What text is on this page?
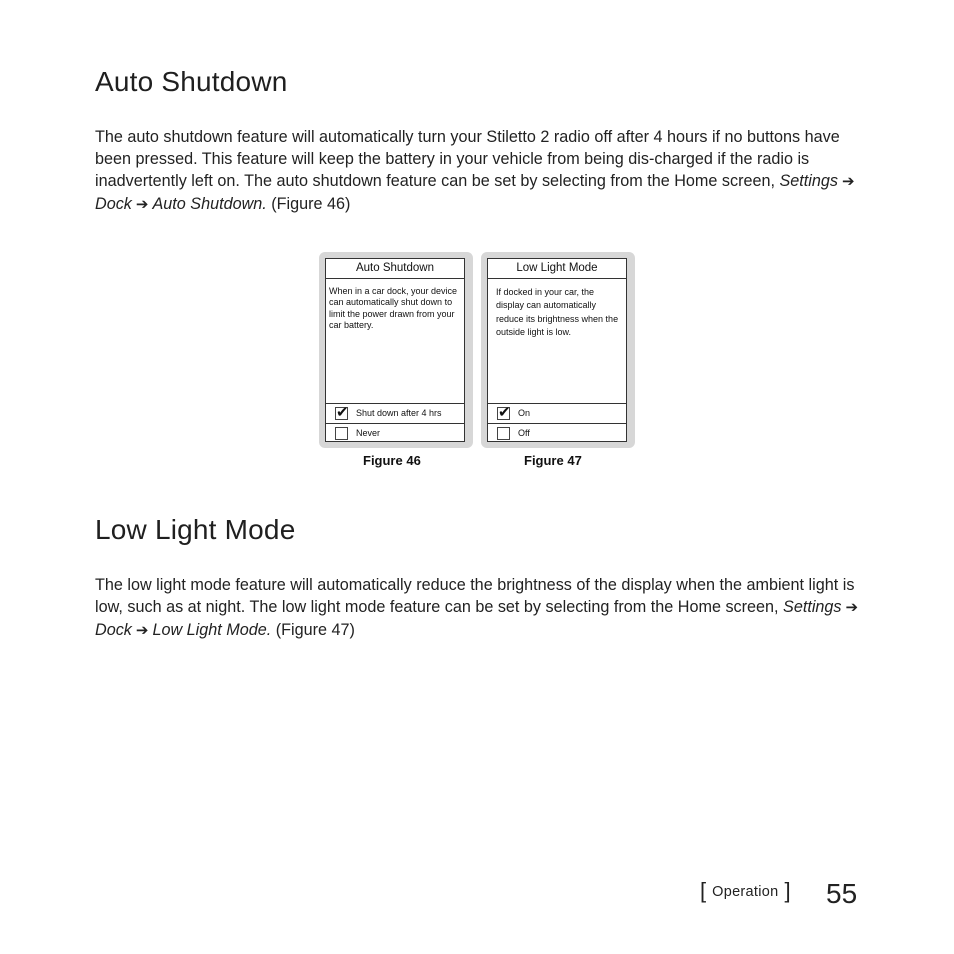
Auto Shutdown

The auto shutdown feature will automatically turn your Stiletto 2 radio off after 4 hours if no buttons have been pressed. This feature will keep the battery in your vehicle from being dis-charged if the radio is inadvertently left on. The auto shutdown feature can be set by selecting from the Home screen, Settings ➔Dock ➔ Auto Shutdown. (Figure 46)

Auto Shutdown
When in a car dock, your device can automatically shut down to limit the power drawn from your car battery.
✔ Shut down after 4 hrs
Never
Low Light Mode
If docked in your car, the display can automatically reduce its brightness when the outside light is low.
✔ On
Off
Figure 46	Figure 47
Low Light Mode

The low light mode feature will automatically reduce the brightness of the display when the ambient light is low, such as at night. The low light mode feature can be set by selecting from the Home screen, Settings ➔Dock ➔ Low Light Mode. (Figure 47)

[ Operation ] 55
